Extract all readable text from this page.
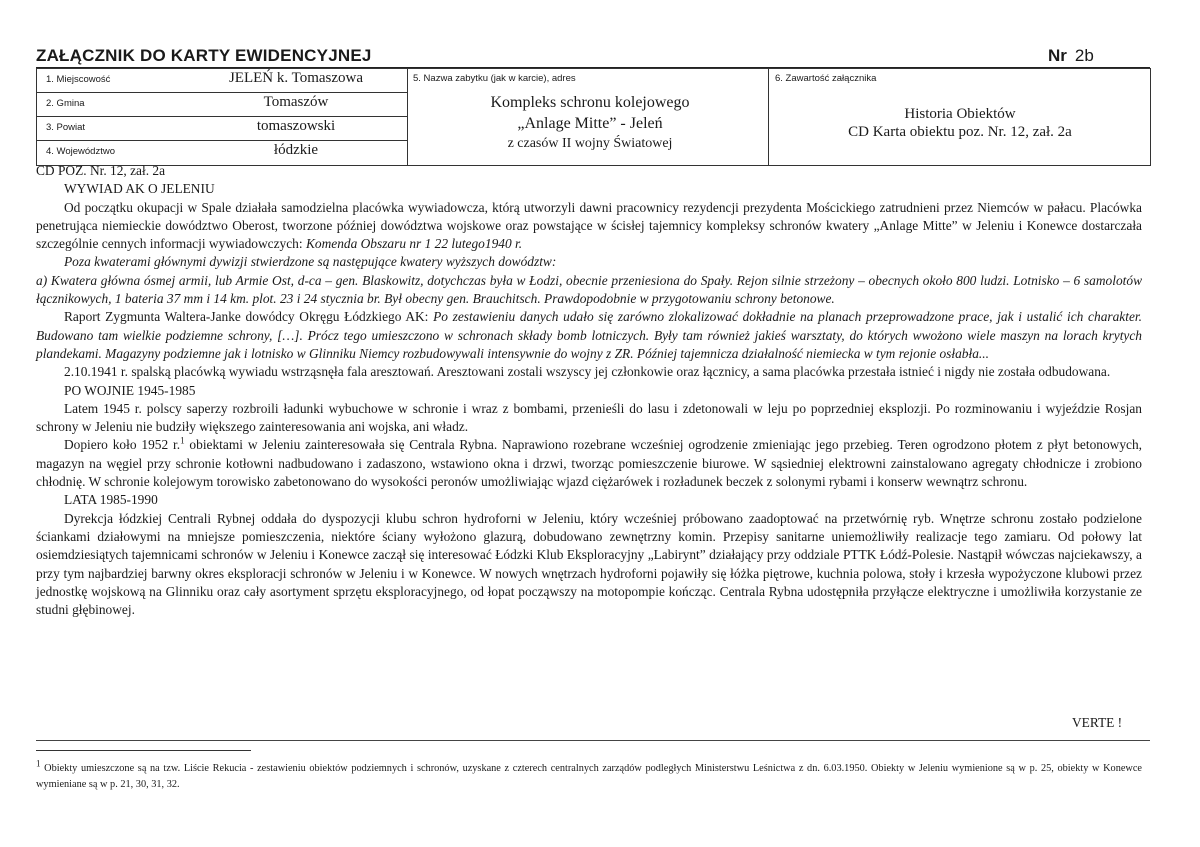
ZAŁĄCZNIK DO KARTY EWIDENCYJNEJ	Nr 2b
1. Miejscowość	JELEŃ k. Tomaszowa
2. Gmina	Tomaszów
3. Powiat	tomaszowski
4. Województwo	łódzkie
5. Nazwa zabytku (jak w karcie), adres
Kompleks schronu kolejowego
„Anlage Mitte” - Jeleń
z czasów II wojny Światowej
6. Zawartość załącznika
Historia Obiektów
CD Karta obiektu poz. Nr. 12, zał. 2a

CD POZ. Nr. 12, zał. 2a

WYWIAD AK O JELENIU

Od początku okupacji w Spale działała samodzielna placówka wywiadowcza, którą utworzyli dawni pracownicy rezydencji prezydenta Mościckiego zatrudnieni przez Niemców w pałacu. Placówka penetrująca niemieckie dowództwo Oberost, tworzone później dowództwa wojskowe oraz powstające w ścisłej tajemnicy kompleksy schronów kwatery „Anlage Mitte” w Jeleniu i Konewce dostarczała szczególnie cennych informacji wywiadowczych: Komenda Obszaru nr 1 22 lutego1940 r.

Poza kwaterami głównymi dywizji stwierdzone są następujące kwatery wyższych dowództw:

a) Kwatera główna ósmej armii, lub Armie Ost, d-ca – gen. Blaskowitz, dotychczas była w Łodzi, obecnie przeniesiona do Spały. Rejon silnie strzeżony – obecnych około 800 ludzi. Lotnisko – 6 samolotów łącznikowych, 1 bateria 37 mm i 14 km. plot. 23 i 24 stycznia br. Był obecny gen. Brauchitsch. Prawdopodobnie w przygotowaniu schrony betonowe.

Raport Zygmunta Waltera-Janke dowódcy Okręgu Łódzkiego AK: Po zestawieniu danych udało się zarówno zlokalizować dokładnie na planach przeprowadzone prace, jak i ustalić ich charakter. Budowano tam wielkie podziemne schrony, […]. Prócz tego umieszczono w schronach składy bomb lotniczych. Były tam również jakieś warsztaty, do których wwożono wiele maszyn na lorach krytych plandekami. Magazyny podziemne jak i lotnisko w Glinniku Niemcy rozbudowywali intensywnie do wojny z ZR. Później tajemnicza działalność niemiecka w tym rejonie osłabła...

2.10.1941 r. spalską placówką wywiadu wstrząsnęła fala aresztowań. Aresztowani zostali wszyscy jej członkowie oraz łącznicy, a sama placówka przestała istnieć i nigdy nie została odbudowana.

PO WOJNIE 1945-1985

Latem 1945 r. polscy saperzy rozbroili ładunki wybuchowe w schronie i wraz z bombami, przenieśli do lasu i zdetonowali w leju po poprzedniej eksplozji. Po rozminowaniu i wyjeździe Rosjan schrony w Jeleniu nie budziły większego zainteresowania ani wojska, ani władz.

Dopiero koło 1952 r.$^1$ obiektami w Jeleniu zainteresowała się Centrala Rybna. Naprawiono rozebrane wcześniej ogrodzenie zmieniając jego przebieg. Teren ogrodzono płotem z płyt betonowych, magazyn na węgiel przy schronie kotłowni nadbudowano i zadaszono, wstawiono okna i drzwi, tworząc pomieszczenie biurowe. W sąsiedniej elektrowni zainstalowano agregaty chłodnicze i zrobiono chłodnię. W schronie kolejowym torowisko zabetonowano do wysokości peronów umożliwiając wjazd ciężarówek i rozładunek beczek z solonymi rybami i konserw wewnątrz schronu.

LATA 1985-1990

Dyrekcja łódzkiej Centrali Rybnej oddała do dyspozycji klubu schron hydroforni w Jeleniu, który wcześniej próbowano zaadoptować na przetwórnię ryb. Wnętrze schronu zostało podzielone ściankami działowymi na mniejsze pomieszczenia, niektóre ściany wyłożono glazurą, dobudowano zewnętrzny komin. Przepisy sanitarne uniemożliwiły realizacje tego zamiaru. Od połowy lat osiemdziesiątych tajemnicami schronów w Jeleniu i Konewce zaczął się interesować Łódzki Klub Eksploracyjny „Labirynt” działający przy oddziale PTTK Łódź-Polesie. Nastąpił wówczas najciekawszy, a przy tym najbardziej barwny okres eksploracji schronów w Jeleniu i w Konewce. W nowych wnętrzach hydroforni pojawiły się łóżka piętrowe, kuchnia polowa, stoły i krzesła wypożyczone klubowi przez jednostkę wojskową na Glinniku oraz cały asortyment sprzętu eksploracyjnego, od łopat począwszy na motopompie kończąc. Centrala Rybna udostępniła przyłącze elektryczne i umożliwiła korzystanie ze studni głębinowej.

VERTE !
$^1$ Obiekty umieszczone są na tzw. Liście Rekucia - zestawieniu obiektów podziemnych i schronów, uzyskane z czterech centralnych zarządów podległych Ministerstwu Leśnictwa z dn. 6.03.1950. Obiekty w Jeleniu wymienione są w p. 25, obiekty w Konewce wymieniane są w p. 21, 30, 31, 32.
